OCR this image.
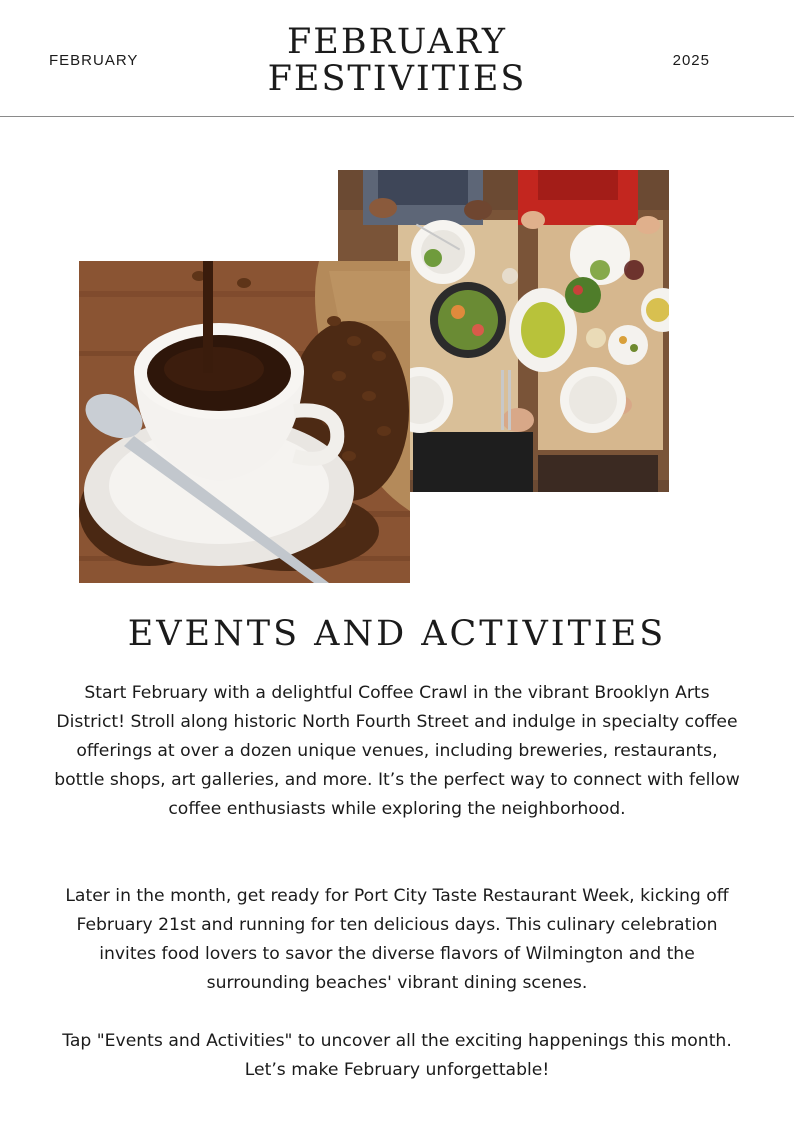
FEBRUARY	FEBRUARY FESTIVITIES	2025
EVENTS AND ACTIVITIES

Start February with a delightful Coffee Crawl in the vibrant Brooklyn Arts District! Stroll along historic North Fourth Street and indulge in specialty coffee offerings at over a dozen unique venues, including breweries, restaurants, bottle shops, art galleries, and more. It’s the perfect way to connect with fellow coffee enthusiasts while exploring the neighborhood.

Later in the month, get ready for Port City Taste Restaurant Week, kicking off February 21st and running for ten delicious days. This culinary celebration invites food lovers to savor the diverse flavors of Wilmington and the surrounding beaches' vibrant dining scenes.

Tap "Events and Activities" to uncover all the exciting happenings this month. Let’s make February unforgettable!
